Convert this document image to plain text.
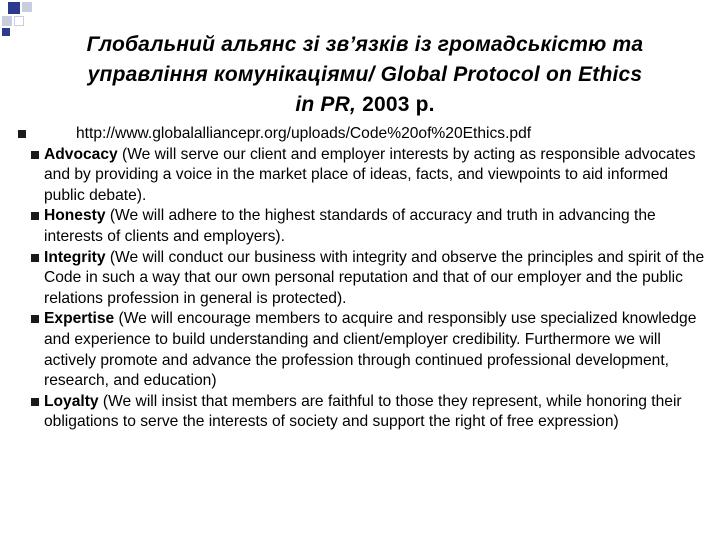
Глобальний альянс зі зв’язків із громадськістю та
управління комунікаціями/ Global Protocol on Ethics
in PR, 2003 р.

http://www.globalalliancepr.org/uploads/Code%20of%20Ethics.pdf

Advocacy (We will serve our client and employer interests by acting as responsible advocates and by providing a voice in the market place of ideas, facts, and viewpoints to aid informed public debate).

Honesty (We will adhere to the highest standards of accuracy and truth in advancing the interests of clients and employers).

Integrity (We will conduct our business with integrity and observe the principles and spirit of the Code in such a way that our own personal reputation and that of our employer and the public relations profession in general is protected).

Expertise (We will encourage members to acquire and responsibly use specialized knowledge and experience to build understanding and client/employer credibility. Furthermore we will actively promote and advance the profession through continued professional development, research, and education)

Loyalty (We will insist that members are faithful to those they represent, while honoring their obligations to serve the interests of society and support the right of free expression)
